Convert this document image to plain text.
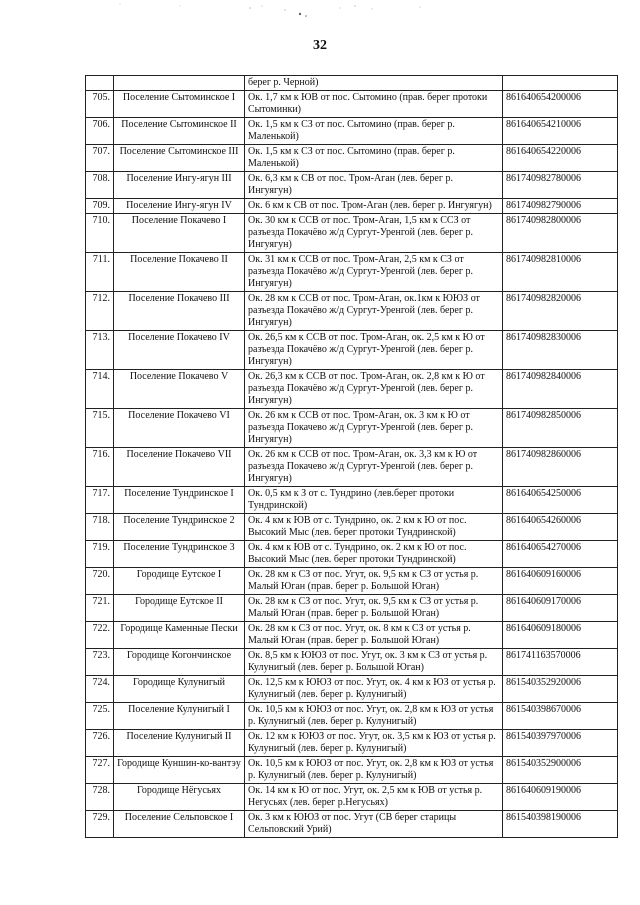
32
		берег р. Черной)	
705.	Поселение Сытоминское I	Ок. 1,7 км к ЮВ от пос. Сытомино (прав. берег протоки Сытоминки)	861640654200006
706.	Поселение Сытоминское II	Ок. 1,5 км к СЗ от пос. Сытомино (прав. берег р. Маленькой)	861640654210006
707.	Поселение Сытоминское III	Ок. 1,5 км к СЗ от пос. Сытомино (прав. берег р. Маленькой)	861640654220006
708.	Поселение Ингу-ягун III	Ок. 6,3 км к СВ от пос. Тром-Аган (лев. берег р. Ингуягун)	861740982780006
709.	Поселение Ингу-ягун IV	Ок. 6 км к СВ от пос. Тром-Аган (лев. берег р. Ингуягун)	861740982790006
710.	Поселение Покачево I	Ок. 30 км к ССВ от пос. Тром-Аган, 1,5 км к ССЗ от разъезда Покачёво ж/д Сургут-Уренгой (лев. берег р. Ингуягун)	861740982800006
711.	Поселение Покачево II	Ок. 31 км к ССВ от пос. Тром-Аган, 2,5 км к СЗ от разъезда Покачёво ж/д Сургут-Уренгой (лев. берег р. Ингуягун)	861740982810006
712.	Поселение Покачево III	Ок. 28 км к ССВ от пос. Тром-Аган, ок.1км к ЮЮЗ от разъезда Покачёво ж/д Сургут-Уренгой (лев. берег р. Ингуягун)	861740982820006
713.	Поселение Покачево IV	Ок. 26,5 км к ССВ от пос. Тром-Аган, ок. 2,5 км к Ю от разъезда Покачёво ж/д Сургут-Уренгой (лев. берег р. Ингуягун)	861740982830006
714.	Поселение Покачево V	Ок. 26,3 км к ССВ от пос. Тром-Аган, ок. 2,8 км к Ю от разъезда Покачёво ж/д Сургут-Уренгой (лев. берег р. Ингуягун)	861740982840006
715.	Поселение Покачево VI	Ок. 26 км к ССВ от пос. Тром-Аган, ок. 3 км к Ю от разъезда Покачево ж/д Сургут-Уренгой (лев. берег р. Ингуягун)	861740982850006
716.	Поселение Покачево VII	Ок. 26 км к ССВ от пос. Тром-Аган, ок. 3,3 км к Ю от разъезда Покачево ж/д Сургут-Уренгой (лев. берег р. Ингуягун)	861740982860006
717.	Поселение Тундринское I	Ок. 0,5 км к З от с. Тундрино (лев.берег протоки Тундринской)	861640654250006
718.	Поселение Тундринское 2	Ок. 4 км к ЮВ от с. Тундрино, ок. 2 км к Ю от пос. Высокий Мыс (лев. берег протоки Тундринской)	861640654260006
719.	Поселение Тундринское 3	Ок. 4 км к ЮВ от с. Тундрино, ок. 2 км к Ю от пос. Высокий Мыс (лев. берег протоки Тундринской)	861640654270006
720.	Городище Еутское I	Ок. 28 км к СЗ от пос. Угут, ок. 9,5 км к СЗ от устья р. Малый Юган (прав. берег р. Большой Юган)	861640609160006
721.	Городище Еутское II	Ок. 28 км к СЗ от пос. Угут, ок. 9,5 км к СЗ от устья р. Малый Юган (прав. берег р. Большой Юган)	861640609170006
722.	Городище Каменные Пески	Ок. 28 км к СЗ от пос. Угут, ок. 8 км к СЗ от устья р. Малый Юган (прав. берег р. Большой Юган)	861640609180006
723.	Городище Когончинское	Ок. 8,5 км к ЮЮЗ от пос. Угут, ок. 3 км к СЗ от устья р. Кулунигый (лев. берег р. Большой Юган)	861741163570006
724.	Городище Кулунигый	Ок. 12,5 км к ЮЮЗ от пос. Угут, ок. 4 км к ЮЗ от устья р. Кулунигый (лев. берег р. Кулунигый)	861540352920006
725.	Поселение Кулунигый I	Ок. 10,5 км к ЮЮЗ от пос. Угут, ок. 2,8 км к ЮЗ от устья р. Кулунигый (лев. берег р. Кулунигый)	861540398670006
726.	Поселение Кулунигый II	Ок. 12 км к ЮЮЗ от пос. Угут, ок. 3,5 км к ЮЗ от устья р. Кулунигый (лев. берег р. Кулунигый)	861540397970006
727.	Городище Куншин-ко-вантэу	Ок. 10,5 км к ЮЮЗ от пос. Угут, ок. 2,8 км к ЮЗ от устья р. Кулунигый (лев. берег р. Кулунигый)	861540352900006
728.	Городище Нёгусьях	Ок. 14 км к Ю от пос. Угут, ок. 2,5 км к ЮВ от устья р. Негусьях (лев. берег р.Негусьях)	861640609190006
729.	Поселение Сельповское I	Ок. 3 км к ЮЮЗ от пос. Угут (СВ берег старицы Сельповский Урий)	861540398190006
